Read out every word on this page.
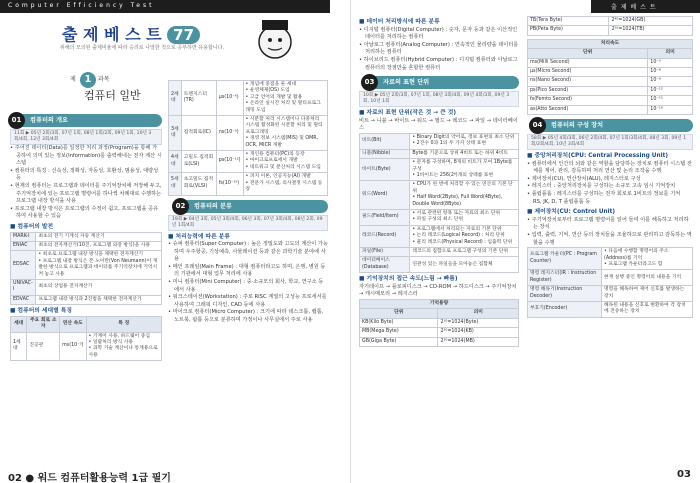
Computer Efficiency Test
출 제 베 스 트 77
위해의 모의된 출제비율에 따라 승리로 나열한 것으로 공부하면 유용합니다.
제 1	과목
컴퓨터 일반
01	컴퓨터의 개요
11회 ▶ 05년 2회/3회, 07년 1회, 08년 1회/2회, 09년 1회, 10년 3회/4회, 12년 3회/4회
• 주어진 데이터(Data)를 일정한 처리 과정(Program)을 통해 가공하여 의미 있는 정보(Information)를 출력해내는 전자 계산 시스템
• 컴퓨터의 특징 : 신속성, 정확성, 자동성, 호환성, 범용성, 대량성 등
• 현재의 컴퓨터는 프로그램과 데이터를 주기억장치에 저장해 두고, 주기억장치에 있는 프로그램 명령어를 하나씩 차례대로 수행하는 프로그램 내장 방식을 사용
• 프로그램 내장 방식은 프로그램의 수정이 쉽고, 프로그램을 공유하여 사용할 수 있음
■ 컴퓨터의 발전
MARK-I	최초의 전기 기계식 자동 계산기
ENIAC	최초의 전자계산기(10진, 프로그램 외장 방식)을 사용
EDSAC	• 최초로 프로그램 내장 방식을 채택한 전자계산기
• 프로그램 내장 방식은 폰 노이만(Von Neumann)이 개발한 방식으로 프로그램과 데이터를 주기억장치에 기억시켜 놓고 사용
UNIVAC-I	최초의 상업용 전자계산기
EDVAC	프로그램 내장 방식과 2진법을 채택한 전자계산기
■ 컴퓨터의 세대별 특징
세대	주요 회로 소자	연산 속도	특 징
1세대	진공관	ms(10⁻³)	• 기계어 사용, 하드웨어 중심
• 일괄처리 방식 사용
• 과학 기술 계산이나 통계용으로 사용
2세대	트랜지스터(TR)	μs(10⁻⁶)	• 개념에 중점을 둔 세대
• 운영체제(OS) 도입
• 고급 언어의 개발 및 활용
• 온라인 실시간 처리 및 멀티프로그래밍 도입
3세대	집적회로(IC)	ns(10⁻⁹)	• 시분할 처리 시스템이나 다중처리 시스템 활성화된 시분할 처리 및 멀티프로그래밍
• 경영 정보 시스템(MIS) 및 OMR, OCR, MICR 개발
4세대	고밀도 집적회로(LSI)	ps(10⁻¹²)	• 개인용 컴퓨터(PC)의 등장
• 마이크로프로세서 개발
• 네트워크 및 분산처리 시스템 도입
5세대	초고밀도 집적회로(VLSI)	fs(10⁻¹⁵)	• 퍼지 이론, 인공지능(AI) 개발
• 전문가 시스템, 의사결정 시스템 등장
02	컴퓨터의 분류
19회 ▶ 04년 3회, 05년 3회/4회, 06년 3회, 07년 3회/4회, 08년 2회, 09년 1회/4회
■ 처리능력에 따른 분류
• 슈퍼 컴퓨터(Super Computer) : 높은 정밀도와 고도의 계산이 가능하며 우주항공, 기상예측, 사물레이션 등과 같은 과학기술 분야에 사용
• 메인 프레임(Main Frame) : 대형 컴퓨터라고도 하며, 은행, 병원 등의 기관에서 대형 업무 처리에 사용
• 미니 컴퓨터(Mini Computer) : 중·소규모의 회사, 학교, 연구소 등에서 사용
• 워크스테이션(Workstation) : 주로 RISC 계열의 고성능 프로세서를 사용하여 그래픽 디자인, CAD 등에 사용
• 마이크로 컴퓨터(Micro Computer) : 크기에 따라 데스크톱, 랩톱, 노트북, 팜톱 등으로 분류하며 가정이나 사무실에서 주로 사용
02 ● 워드 컴퓨터활용능력 1급 필기
출 제 베 스 트
■ 데이터 처리방식에 따른 분류
• 디지털 컴퓨터(Digital Computer) : 숫자, 문자 등과 같은 이산적인 데이터를 처리하는 컴퓨터
• 아날로그 컴퓨터(Analog Computer) : 연속적인 물리량을 데이터를 처리하는 컴퓨터
• 하이브리드 컴퓨터(Hybrid Computer) : 디지털 컴퓨터와 아날로그 컴퓨터의 장점만을 혼합한 컴퓨터
03	자료의 표현 단위
10회 ▶ 05년 2회/3회, 07년 1회, 08년 3회/4회, 09년 4회/3회, 09년 3회, 10년 1회
■ 자료의 표현 단위(작은 것 → 큰 것)
비트 → 니블 → 바이트 → 워드 → 필드 → 레코드 → 파일 → 데이터베이스
비트(Bit)	• Binary Digit의 약어로, 정보 표현의 최소 단위
• 2진수 0과 1의 두 가지 상태 표현
니블(Nibble)	Byte를 기준으로 상위 4비트 또는 하위 4비트
바이트(Byte)	• 문자를 구성하며, 8개의 비트가 모여 1Byte를 구성
• 1바이트는 256(2⁸)개의 상태를 표현
워드(Word)	• CPU가 한 번에 처리할 수 있는 연산의 기본 단위
• Half Word(2Byte), Full Word(4Byte), Double Word(8Byte)
필드(Field/Item)	• 서로 관련된 항목 또는 자료의 최소 단위
• 파일 구성의 최소 단위
레코드(Record)	• 프로그램에서 처리되는 자료의 기본 단위
• 논리 레코드(Logical Record) : 처리 단위
• 물리 레코드(Physical Record) : 입출력 단위
파일(File)	레코드의 집합으로 프로그램 구성의 기본 단위
데이터베이스(Database)	연관성 있는 파일들을 모아놓은 집합체
■ 기억장치의 접근 속도(느림 → 빠름)
자기테이프 → 플로피디스크 → CD-ROM → 하드디스크 → 주기억장치 → 캐시메모리 → 레지스터
기억용량	
단위	의미
KB(Kilo Byte)	2¹⁰=1024(Byte)
MB(Mega Byte)	2²⁰=1024(KB)
GB(Giga Byte)	2³⁰=1024(MB)
TB(Tera Byte)	2⁴⁰=1024(GB)
PB(Peta Byte)	2⁵⁰=1024(TB)
처리속도	
단위	의미
ms(Milli Second)	10⁻³
μs(Micro Second)	10⁻⁶
ns(Nano Second)	10⁻⁹
ps(Pico Second)	10⁻¹²
fs(Femto Second)	10⁻¹⁵
as(Atto Second)	10⁻¹⁸
04	컴퓨터의 구성 장치
58회 ▶ 05년 4회/3회, 06년 2회/4회, 07년 1회/3회/4회, 08년 3회, 09년 1회/2회/4회, 10년 3회/4회
■ 중앙처리장치(CPU: Central Processing Unit)
• 컴퓨터에서 인간의 뇌와 같은 역할을 담당하는 장치로 컴퓨터 시스템 전체를 제어, 관리, 감독하며 처리 연산 및 논리 조작을 수행
• 제어장치(CU), 연산장치(ALU), 레지스터로 구성
• 레지스터 : 중앙처리장치를 구성하는 소규모 고속 임시 기억장치
• 플립플롭 : 레지스터를 구성하는 전자 회로로 1비트의 정보를 기억
RS, JK, D, T 플립플롭 등
■ 제어장치(CU: Control Unit)
• 주기억장치로부터 프로그램 명령어를 읽어 들여 이를 해독하고 처리하는 장치
• 입력, 출력, 기억, 연산 등의 장치들을 조율하므로 관리하고 감독하는 역할을 수행
프로그램 카운터(PC : Program Counter)	• 다음에 수행할 명령어의 주소(Address)를 기억
• 프로그램 카운터라고도 함
명령 레지스터(IR : Instruction Register)	현재 실행 중인 명령어의 내용을 기억
명령 해독기(Instruction Decoder)	명령을 해독하여 제어 신호를 발생하는 장치
부호기(Encoder)	해독된 내용을 신호로 변환하여 각 장치에 전송하는 장치
03
